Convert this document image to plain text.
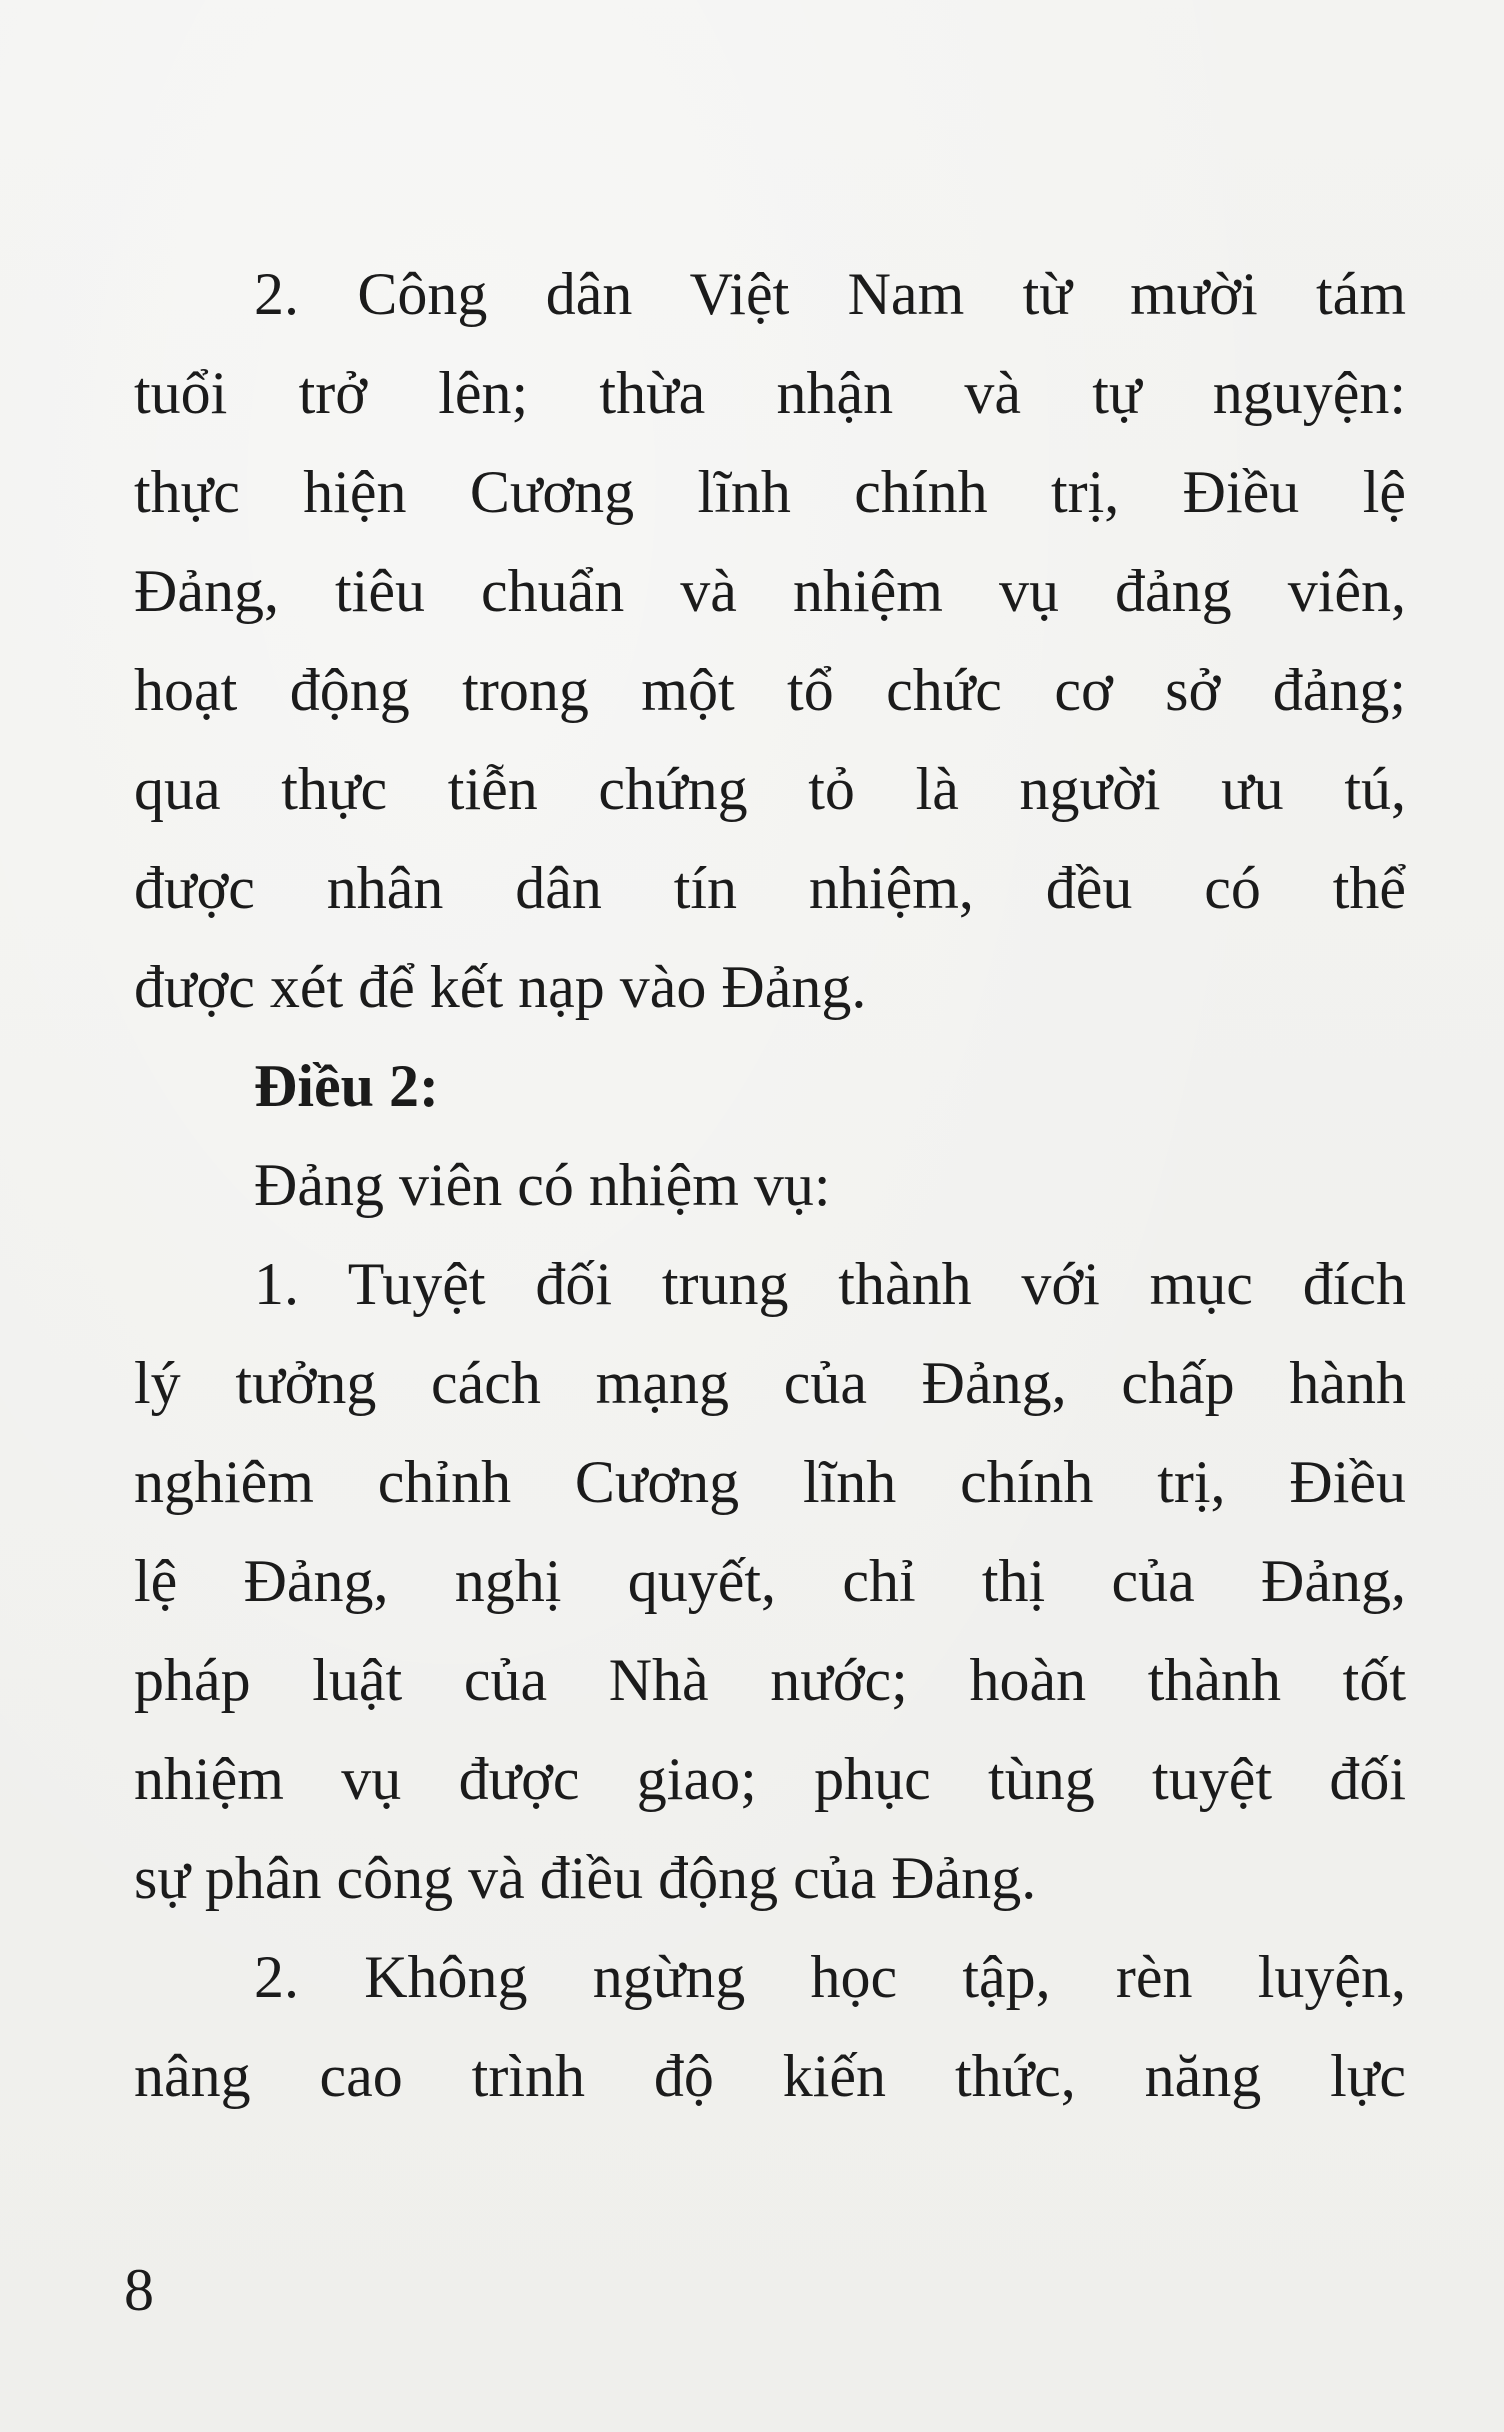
2. Công dân Việt Nam từ mười tám
tuổi trở lên; thừa nhận và tự nguyện:
thực hiện Cương lĩnh chính trị, Điều lệ
Đảng, tiêu chuẩn và nhiệm vụ đảng viên,
hoạt động trong một tổ chức cơ sở đảng;
qua thực tiễn chứng tỏ là người ưu tú,
được nhân dân tín nhiệm, đều có thể
được xét để kết nạp vào Đảng.
Điều 2:
Đảng viên có nhiệm vụ:
1. Tuyệt đối trung thành với mục đích
lý tưởng cách mạng của Đảng, chấp hành
nghiêm chỉnh Cương lĩnh chính trị, Điều
lệ Đảng, nghị quyết, chỉ thị của Đảng,
pháp luật của Nhà nước; hoàn thành tốt
nhiệm vụ được giao; phục tùng tuyệt đối
sự phân công và điều động của Đảng.
2. Không ngừng học tập, rèn luyện,
nâng cao trình độ kiến thức, năng lực
8
